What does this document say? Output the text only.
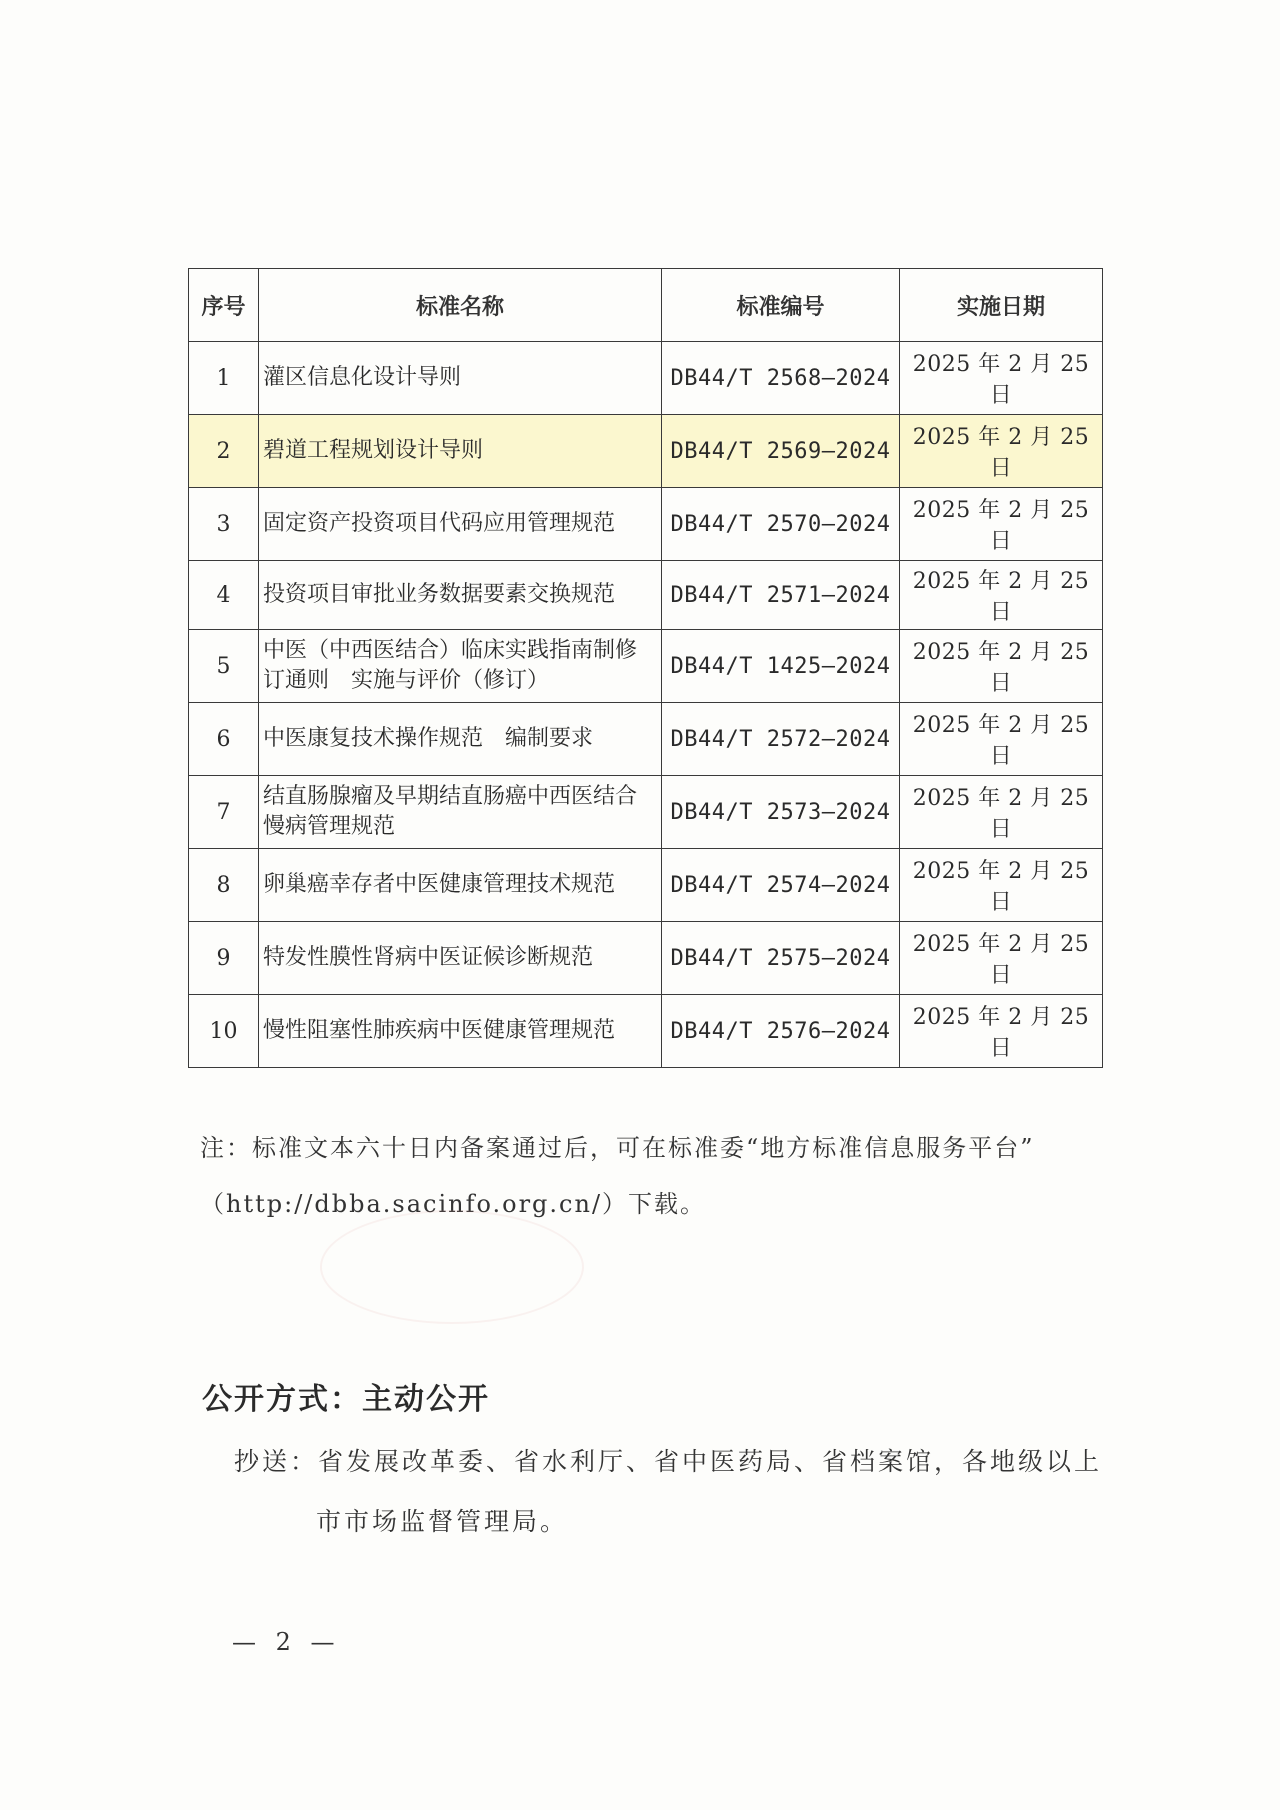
序号	标准名称	标准编号	实施日期
1	灌区信息化设计导则	DB44/T 2568—2024	2025 年 2 月 25 日
2	碧道工程规划设计导则	DB44/T 2569—2024	2025 年 2 月 25 日
3	固定资产投资项目代码应用管理规范	DB44/T 2570—2024	2025 年 2 月 25 日
4	投资项目审批业务数据要素交换规范	DB44/T 2571—2024	2025 年 2 月 25 日
5	中医（中西医结合）临床实践指南制修订通则　实施与评价（修订）	DB44/T 1425—2024	2025 年 2 月 25 日
6	中医康复技术操作规范　编制要求	DB44/T 2572—2024	2025 年 2 月 25 日
7	结直肠腺瘤及早期结直肠癌中西医结合慢病管理规范	DB44/T 2573—2024	2025 年 2 月 25 日
8	卵巢癌幸存者中医健康管理技术规范	DB44/T 2574—2024	2025 年 2 月 25 日
9	特发性膜性肾病中医证候诊断规范	DB44/T 2575—2024	2025 年 2 月 25 日
10	慢性阻塞性肺疾病中医健康管理规范	DB44/T 2576—2024	2025 年 2 月 25 日
注：标准文本六十日内备案通过后，可在标准委“地方标准信息服务平台”
（http://dbba.sacinfo.org.cn/）下载。
公开方式：主动公开
抄送：省发展改革委、省水利厅、省中医药局、省档案馆，各地级以上
市市场监督管理局。
— 2 —
